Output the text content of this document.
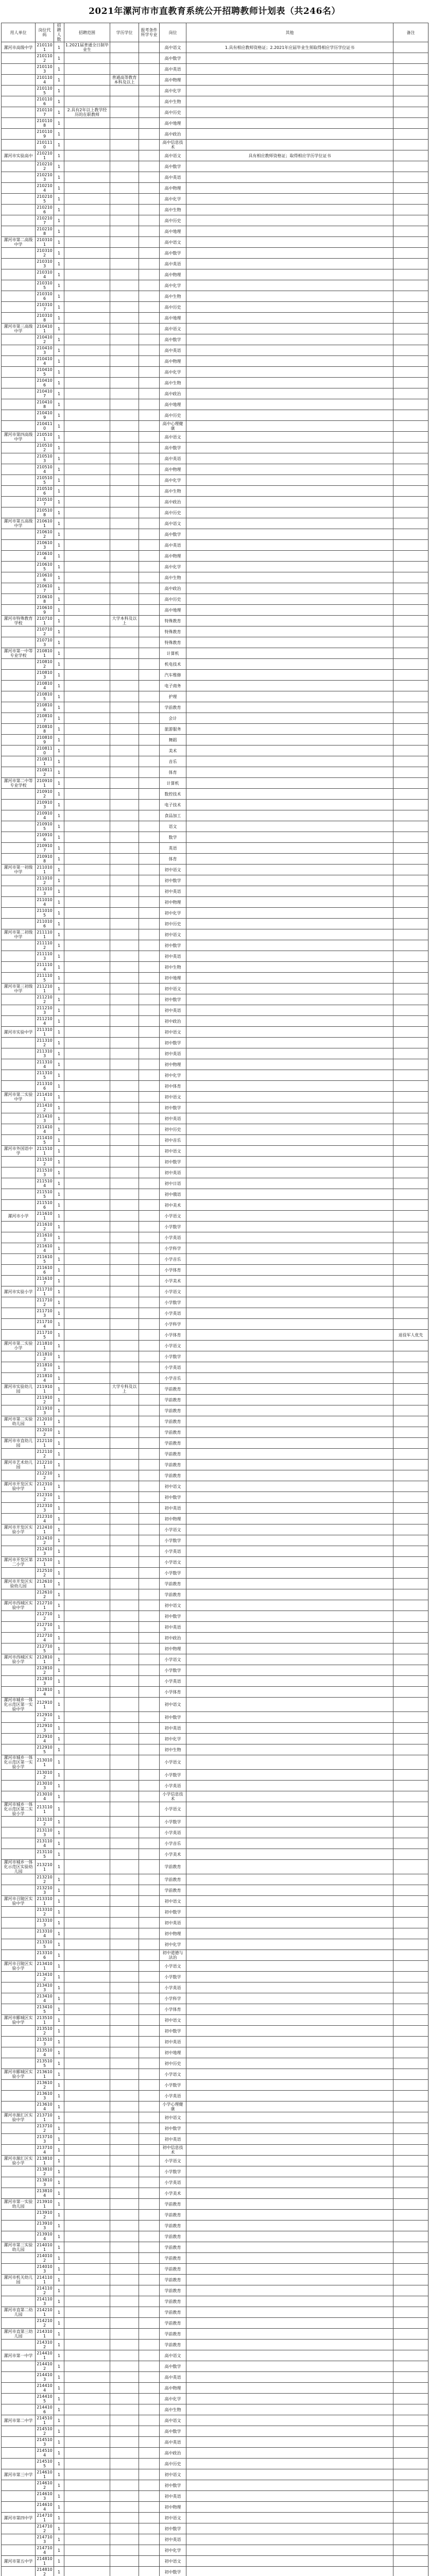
2021年漯河市市直教育系统公开招聘教师计划表（共246名）
用人单位	岗位代码	招聘人数	招聘范围	学历学位	报考条件 所学专业	岗位	其他	备注
漯河市高级中学	2101101	1	1.2021届普通全日制毕业生			高中语文	1.具有相应教师资格证；2.2021年应届毕业生须取得相应学历学位证书	
	2101102	1				高中数学		
	2101103	1				高中英语		
	2101104	1		普通高等教育本科及以上		高中物理		
	2101105	1				高中化学		
	2101106	1				高中生物		
	2101107	1	2.具有2年以上教学经历的在职教师			高中历史		
	2101108	1				高中地理		
	2101109	1				高中政治		
	2101110	1				高中信息技术		
漯河市实验高中	2102101	1				高中语文	具有相应教师资格证；取得相应学历学位证书	
	2102102	1				高中数学		
	2102103	1				高中英语		
	2102104	1				高中物理		
	2102105	1				高中化学		
	2102106	1				高中生物		
	2102107	1				高中历史		
	2102108	1				高中地理		
漯河市第二高级中学	2103101	1				高中语文		
	2103102	1				高中数学		
	2103103	1				高中英语		
	2103104	1				高中物理		
	2103105	1				高中化学		
	2103106	1				高中生物		
	2103107	1				高中历史		
	2103108	1				高中地理		
漯河市第三高级中学	2104101	1				高中语文		
	2104102	1				高中数学		
	2104103	1				高中英语		
	2104104	1				高中物理		
	2104105	1				高中化学		
	2104106	1				高中生物		
	2104107	1				高中政治		
	2104108	1				高中地理		
	2104109	1				高中历史		
	2104110	1				高中心理健康		
漯河市第四高级中学	2105101	1				高中语文		
	2105102	1				高中数学		
	2105103	1				高中英语		
	2105104	1				高中物理		
	2105105	1				高中化学		
	2105106	1				高中生物		
	2105107	1				高中政治		
	2105108	1				高中历史		
漯河市第五高级中学	2106101	1				高中语文		
	2106102	1				高中数学		
	2106103	1				高中英语		
	2106104	1				高中物理		
	2106105	1				高中化学		
	2106106	1				高中生物		
	2106107	1				高中政治		
	2106108	1				高中历史		
	2106109	1				高中地理		
漯河市特殊教育学校	2107101	1		大学本科及以上		特殊教育		
	2107102	1				特殊教育		
	2107103	1				特殊教育		
漯河市第一中等专业学校	2108101	1				计算机		
	2108102	1				机电技术		
	2108103	1				汽车维修		
	2108104	1				电子商务		
	2108105	1				护理		
	2108106	1				学前教育		
	2108107	1				会计		
	2108108	1				旅游服务		
	2108109	1				舞蹈		
	2108110	1				美术		
	2108111	1				音乐		
	2108112	1				体育		
漯河市第二中等专业学校	2109101	1				计算机		
	2109102	1				数控技术		
	2109103	1				电子技术		
	2109104	1				食品加工		
	2109105	1				语文		
	2109106	1				数学		
	2109107	1				英语		
	2109108	1				体育		
漯河市第一初级中学	2110101	1				初中语文		
	2110102	1				初中数学		
	2110103	1				初中英语		
	2110104	1				初中物理		
	2110105	1				初中化学		
	2110106	1				初中历史		
漯河市第二初级中学	2111101	1				初中语文		
	2111102	1				初中数学		
	2111103	1				初中英语		
	2111104	1				初中生物		
	2111105	1				初中地理		
漯河市第三初级中学	2112101	1				初中语文		
	2112102	1				初中数学		
	2112103	1				初中英语		
	2112104	1				初中政治		
漯河市实验中学	2113101	1				初中语文		
	2113102	1				初中数学		
	2113103	1				初中英语		
	2113104	1				初中物理		
	2113105	1				初中化学		
	2113106	1				初中体育		
漯河市第二实验中学	2114101	1				初中语文		
	2114102	1				初中数学		
	2114103	1				初中英语		
	2114104	1				初中历史		
	2114105	1				初中音乐		
漯河市外国语中学	2115101	1				初中语文		
	2115102	1				初中数学		
	2115103	1				初中英语		
	2115104	1				初中日语		
	2115105	1				初中俄语		
	2115106	1				初中美术		
漯河市小学	2116101	1				小学语文		
	2116102	1				小学数学		
	2116103	1				小学英语		
	2116104	1				小学科学		
	2116105	1				小学音乐		
	2116106	1				小学体育		
	2116107	1				小学美术		
漯河市实验小学	2117101	1				小学语文		
	2117102	1				小学数学		
	2117103	1				小学英语		
	2117104	1				小学科学		
	2117105	1				小学体育		退役军人优先
漯河市第二实验小学	2118101	1				小学语文		
	2118102	1				小学数学		
	2118103	1				小学英语		
	2118104	1				小学音乐		
漯河市实验幼儿园	2119101	1		大学专科及以上		学前教育		
	2119102	1				学前教育		
	2119103	1				学前教育		
漯河市第二实验幼儿园	2120101	1				学前教育		
	2120102	1				学前教育		
漯河市市直幼儿园	2121101	1				学前教育		
	2121102	1				学前教育		
漯河市艺术幼儿园	2122101	1				学前教育		
	2122102	1				学前教育		
漯河市开发区实验中学	2123101	1				初中语文		
	2123102	1				初中数学		
	2123103	1				初中英语		
	2123104	1				初中物理		
漯河市开发区实验小学	2124101	1				小学语文		
	2124102	1				小学数学		
	2124103	1				小学英语		
漯河市开发区第二小学	2125101	1				小学语文		
	2125102	1				小学数学		
漯河市开发区实验幼儿园	2126101	1				学前教育		
	2126102	1				学前教育		
漯河市西城区实验中学	2127101	1				初中语文		
	2127102	1				初中数学		
	2127103	1				初中英语		
	2127104	1				初中政治		
	2127105	1				初中物理		
漯河市西城区实验小学	2128101	1				小学语文		
	2128102	1				小学数学		
	2128103	1				小学英语		
	2128104	1				小学体育		
漯河市城乡一体化示范区第一实验中学	2129101	1				初中语文		
	2129102	1				初中数学		
	2129103	1				初中英语		
	2129104	1				初中化学		
	2129105	1				初中生物		
漯河市城乡一体化示范区第一实验小学	2130101	1				小学语文		
	2130102	1				小学数学		
	2130103	1				小学英语		
	2130104	1				小学信息技术		
漯河市城乡一体化示范区第二实验小学	2131101	1				小学语文		
	2131102	1				小学数学		
	2131103	1				小学英语		
	2131104	1				小学音乐		
	2131105	1				小学美术		
漯河市城乡一体化示范区实验幼儿园	2132101	1				学前教育		
	2132102	1				学前教育		
	2132103	1				学前教育		
漯河市召陵区实验中学	2133101	1				初中语文		
	2133102	1				初中数学		
	2133103	1				初中英语		
	2133104	1				初中物理		
	2133105	1				初中化学		
	2133106	1				初中道德与法治		
漯河市召陵区实验小学	2134101	1				小学语文		
	2134102	1				小学数学		
	2134103	1				小学英语		
	2134104	1				小学科学		
	2134105	1				小学体育		
漯河市郾城区实验中学	2135101	1				初中语文		
	2135102	1				初中数学		
	2135103	1				初中英语		
	2135104	1				初中地理		
	2135105	1				初中历史		
漯河市郾城区实验小学	2136101	1				小学语文		
	2136102	1				小学数学		
	2136103	1				小学英语		
	2136104	1				小学心理健康		
漯河市源汇区实验中学	2137101	1				初中语文		
	2137102	1				初中数学		
	2137103	1				初中英语		
	2137104	1				初中信息技术		
漯河市源汇区实验小学	2138101	1				小学语文		
	2138102	1				小学数学		
	2138103	1				小学英语		
	2138104	1				小学美术		
漯河市第一实验幼儿园	2139101	1				学前教育		
	2139102	1				学前教育		
	2139103	1				学前教育		
	2139104	1				学前教育		
漯河市第三实验幼儿园	2140101	1				学前教育		
	2140102	1				学前教育		
	2140103	1				学前教育		
漯河市机关幼儿园	2141101	1				学前教育		
	2141102	1				学前教育		
	2141103	1				学前教育		
漯河市直第二幼儿园	2142101	1				学前教育		
	2142102	1				学前教育		
漯河市直第三幼儿园	2143101	1				学前教育		
	2143102	1				学前教育		
漯河市第一中学	2144101	1				高中语文		
	2144102	1				高中数学		
	2144103	1				高中英语		
	2144104	1				高中物理		
	2144105	1				高中化学		
	2144106	1				高中生物		
漯河市第二中学	2145101	1				高中语文		
	2145102	1				高中数学		
	2145103	1				高中英语		
	2145104	1				高中政治		
	2145105	1				高中历史		
漯河市第三中学	2146101	1				初中语文		
	2146102	1				初中数学		
	2146103	1				初中英语		
	2146104	1				初中物理		
漯河市第四中学	2147101	1				初中语文		
	2147102	1				初中数学		
	2147103	1				初中英语		
	2147104	1				初中化学		
漯河市第五中学	2148101	1				初中语文		
	2148102	1				初中数学		
